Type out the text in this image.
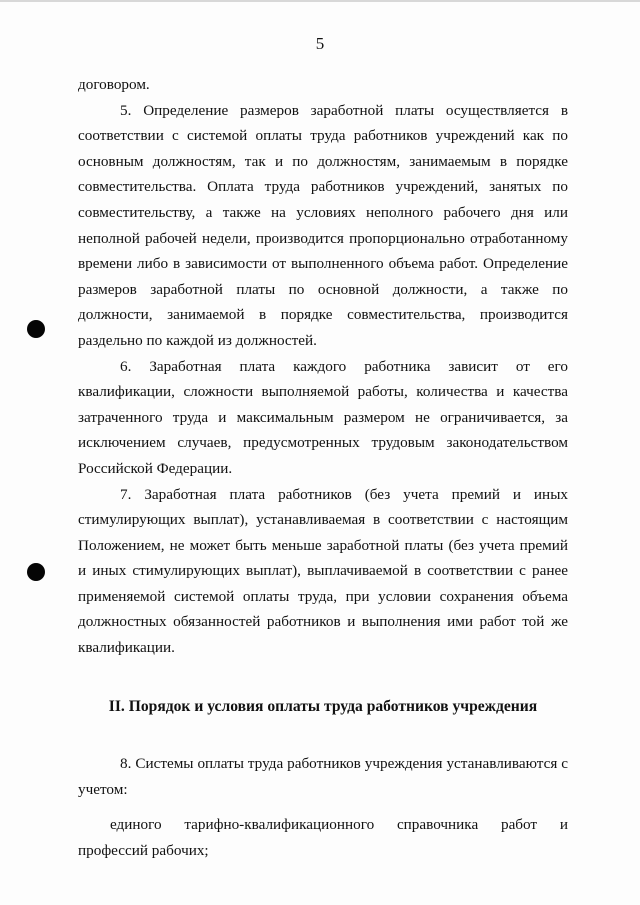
5

договором.

5. Определение размеров заработной платы осуществляется в соответствии с системой оплаты труда работников учреждений как по основным должностям, так и по должностям, занимаемым в порядке совместительства. Оплата труда работников учреждений, занятых по совместительству, а также на условиях неполного рабочего дня или неполной рабочей недели, производится пропорционально отработанному времени либо в зависимости от выполненного объема работ. Определение размеров заработной платы по основной должности, а также по должности, занимаемой в порядке совместительства, производится раздельно по каждой из должностей.

6. Заработная плата каждого работника зависит от его квалификации, сложности выполняемой работы, количества и качества затраченного труда и максимальным размером не ограничивается, за исключением случаев, предусмотренных трудовым законодательством Российской Федерации.

7. Заработная плата работников (без учета премий и иных стимулирующих выплат), устанавливаемая в соответствии с настоящим Положением, не может быть меньше заработной платы (без учета премий и иных стимулирующих выплат), выплачиваемой в соответствии с ранее применяемой системой оплаты труда, при условии сохранения объема должностных обязанностей работников и выполнения ими работ той же квалификации.

II. Порядок и условия оплаты труда работников учреждения

8. Системы оплаты труда работников учреждения устанавливаются с учетом:

единого тарифно-квалификационного справочника работ и

профессий рабочих;
